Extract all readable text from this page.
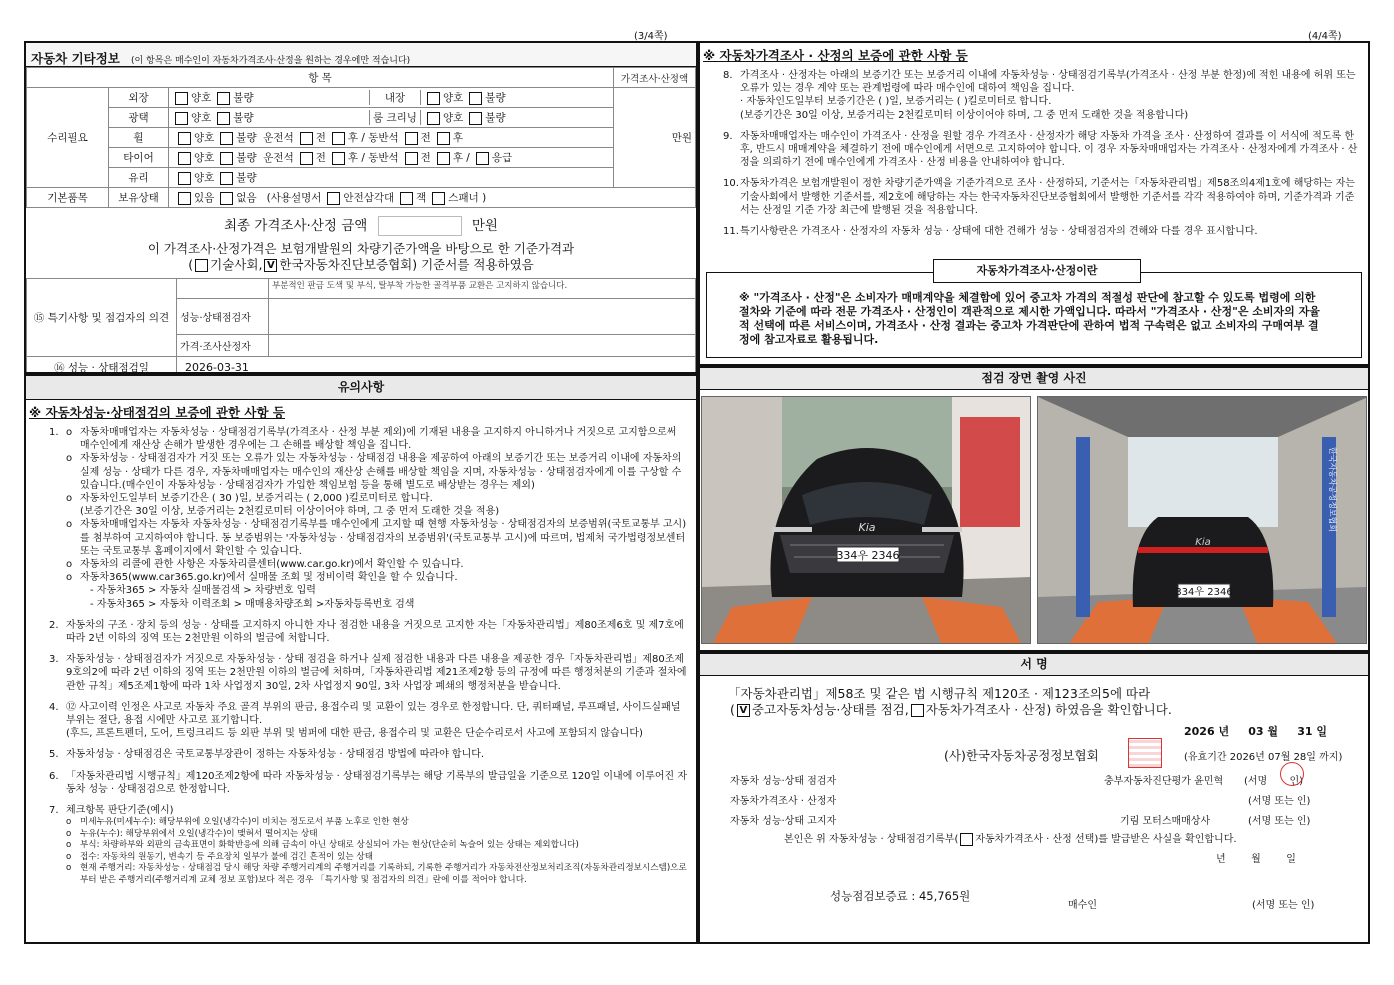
(3/4쪽)	(4/4쪽)
자동차 기타정보 (이 항목은 매수인이 자동차가격조사·산정을 원하는 경우에만 적습니다)
항 목			가격조사·산정액
수리필요	외장	양호 불량 내장 양호 불량	만원
	광택	양호 불량 룸 크리닝 양호 불량	

	휠	양호 불량 운전석 전 후 / 동반석 전 후	
	타이어	양호 불량 운전석 전 후 / 동반석 전 후 / 응급	
	유리	양호 불량	
기본품목	보유상태	있음 없음 (사용설명서 안전삼각대 잭 스패너 )	
최종 가격조사·산정 금액	만원
이 가격조사·산정가격은 보험개발원의 차량기준가액을 바탕으로 한 기준가격과
( 기술사회, V 한국자동차진단보증협회) 기준서를 적용하였음
⑮ 특기사항 및 점검자의 의견		부분적인 판금 도색 및 부식, 탈부착 가능한 골격부품 교환은 고지하지 않습니다.
	성능·상태점검자	
	가격·조사산정자	
⑯ 성능 · 상태점검일	2026-03-31	
유의사항
※ 자동차성능·상태점검의 보증에 관한 사항 등
1.	o 자동차매매업자는 자동차성능 · 상태점검기록부(가격조사 · 산정 부분 제외)에 기재된 내용을 고지하지 아니하거나 거짓으로 고지함으로써 매수인에게 재산상 손해가 발생한 경우에는 그 손해를 배상할 책임을 집니다.
o 자동차성능 · 상태점검자가 거짓 또는 오류가 있는 자동차성능 · 상태점검 내용을 제공하여 아래의 보증기간 또는 보증거리 이내에 자동차의 실제 성능 · 상태가 다른 경우, 자동차매매업자는 매수인의 재산상 손해를 배상할 책임을 지며, 자동차성능 · 상태점검자에게 이를 구상할 수 있습니다.(매수인이 자동차성능 · 상태점검자가 가입한 책임보험 등을 통해 별도로 배상받는 경우는 제외)
o 자동차인도일부터 보증기간은 ( 30 )일, 보증거리는 ( 2,000 )킬로미터로 합니다.
(보증기간은 30일 이상, 보증거리는 2천킬로미터 이상이어야 하며, 그 중 먼저 도래한 것을 적용)
o 자동차매매업자는 자동차 자동차성능 · 상태점검기록부를 매수인에게 고지할 때 현행 자동차성능 · 상태점검자의 보증범위(국토교통부 고시)를 첨부하여 고지하여야 합니다. 동 보증범위는 '자동차성능 · 상태점검자의 보증범위'(국토교통부 고시)에 따르며, 법제처 국가법령정보센터 또는 국토교통부 홈페이지에서 확인할 수 있습니다.
o 자동차의 리콜에 관한 사항은 자동차리콜센터(www.car.go.kr)에서 확인할 수 있습니다.
o 자동차365(www.car365.go.kr)에서 실매물 조회 및 정비이력 확인을 할 수 있습니다.
- 자동차365 > 자동차 실매물검색 > 차량번호 입력
- 자동차365 > 자동차 이력조회 > 매매용차량조회 >자동차등록번호 검색
2. 자동차의 구조 · 장치 등의 성능 · 상태를 고지하지 아니한 자나 점검한 내용을 거짓으로 고지한 자는「자동차관리법」제80조제6호 및 제7호에 따라 2년 이하의 징역 또는 2천만원 이하의 벌금에 처합니다.
3. 자동차성능 · 상태점검자가 거짓으로 자동차성능 · 상태 점검을 하거나 실제 점검한 내용과 다른 내용을 제공한 경우「자동차관리법」제80조제9호의2에 따라 2년 이하의 징역 또는 2천만원 이하의 벌금에 처하며,「자동차관리법 제21조제2항 등의 규정에 따른 행정처분의 기준과 절차에 관한 규칙」제5조제1항에 따라 1차 사업정지 30일, 2차 사업정지 90일, 3차 사업장 폐쇄의 행정처분을 받습니다.
4. ⑫ 사고이력 인정은 사고로 자동차 주요 골격 부위의 판금, 용접수리 및 교환이 있는 경우로 한정합니다. 단, 쿼터패널, 루프패널, 사이드실패널 부위는 절단, 용접 시에만 사고로 표기합니다.
(후드, 프론트펜더, 도어, 트렁크리드 등 외판 부위 및 범퍼에 대한 판금, 용접수리 및 교환은 단순수리로서 사고에 포함되지 않습니다)
5. 자동차성능 · 상태점검은 국토교통부장관이 정하는 자동차성능 · 상태점검 방법에 따라야 합니다.
6. 「자동차관리법 시행규칙」제120조제2항에 따라 자동차성능 · 상태점검기록부는 해당 기록부의 발급일을 기준으로 120일 이내에 이루어진 자동차 성능 · 상태점검으로 한정합니다.
7. 체크항목 판단기준(예시)
o 미세누유(미세누수): 해당부위에 오일(냉각수)이 비치는 정도로서 부품 노후로 인한 현상
o 누유(누수): 해당부위에서 오일(냉각수)이 맺혀서 떨어지는 상태
o 부식: 차량하부와 외판의 금속표면이 화학반응에 의해 금속이 아닌 상태로 상실되어 가는 현상(단순히 녹슬어 있는 상태는 제외합니다)
o 접수: 자동차의 원동기, 변속기 등 주요장치 일부가 불에 검긴 흔적이 있는 상태
o 현재 주행거리: 자동차성능 · 상태점검 당시 해당 차량 주행거리계의 주행거리를 기록하되, 기록한 주행거리가 자동차전산정보처리조직(자동차관리정보시스템)으로부터 받은 주행거리(주행거리계 교체 정보 포함)보다 적은 경우 「특기사항 및 점검자의 의견」란에 이를 적어야 합니다.
※ 자동차가격조사 · 산정의 보증에 관한 사항 등
8. 가격조사 · 산정자는 아래의 보증기간 또는 보증거리 이내에 자동차성능 · 상태점검기록부(가격조사 · 산정 부분 한정)에 적힌 내용에 허위 또는 오류가 있는 경우 계약 또는 관계법령에 따라 매수인에 대하여 책임을 집니다.
· 자동차인도일부터 보증기간은 ( )일, 보증거리는 ( )킬로미터로 합니다.
(보증기간은 30일 이상, 보증거리는 2천킬로미터 이상이어야 하며, 그 중 먼저 도래한 것을 적용합니다)
9. 자동차매매업자는 매수인이 가격조사 · 산정을 원할 경우 가격조사 · 산정자가 해당 자동차 가격을 조사 · 산정하여 결과를 이 서식에 적도록 한 후, 반드시 매매계약을 체결하기 전에 매수인에게 서면으로 고지하여야 합니다. 이 경우 자동차매매업자는 가격조사 · 산정자에게 가격조사 · 산정을 의뢰하기 전에 매수인에게 가격조사 · 산정 비용을 안내하여야 합니다.
10. 자동차가격은 보험개발원이 정한 차량기준가액을 기준가격으로 조사 · 산정하되, 기준서는「자동차관리법」제58조의4제1호에 해당하는 자는 기술사회에서 발행한 기준서를, 제2호에 해당하는 자는 한국자동차진단보증협회에서 발행한 기준서를 각각 적용하여야 하며, 기준가격과 기준서는 산정일 기준 가장 최근에 발행된 것을 적용합니다.
11. 특기사항란은 가격조사 · 산정자의 자동차 성능 · 상태에 대한 견해가 성능 · 상태점검자의 견해와 다를 경우 표시합니다.
자동차가격조사·산정이란
※ "가격조사 · 산정"은 소비자가 매매계약을 체결함에 있어 중고차 가격의 적절성 판단에 참고할 수 있도록 법령에 의한 절차와 기준에 따라 전문 가격조사 · 산정인이 객관적으로 제시한 가액입니다. 따라서 "가격조사 · 산정"은 소비자의 자율적 선택에 따른 서비스이며, 가격조사 · 산정 결과는 중고차 가격판단에 관하여 법적 구속력은 없고 소비자의 구매여부 결정에 참고자료로 활용됩니다.
점검 장면 촬영 사진
334우 2346
Kia	한국자동차공정정보협회
Kia
334우 2346
서 명
「자동차관리법」제58조 및 같은 법 시행규칙 제120조 · 제123조의5에 따라
( V 중고자동차성능·상태를 점검, 자동차가격조사 · 산정) 하였음을 확인합니다.
2026 년 03 월 31 일
(사)한국자동차공정정보협회	(유효기간 2026년 07월 28일 까지)
자동차 성능·상태 점검자	충부자동차진단평가 윤민혁 (서명 인)
자동차가격조사 · 산정자	(서명 또는 인)
자동차 성능·상태 고지자	기림 모터스매매상사	(서명 또는 인)
본인은 위 자동차성능 · 상태점검기록부( 자동차가격조사 · 산정 선택)를 발급받은 사실을 확인합니다.
년	월	일
성능점검보증료 : 45,765원
매수인	(서명 또는 인)
